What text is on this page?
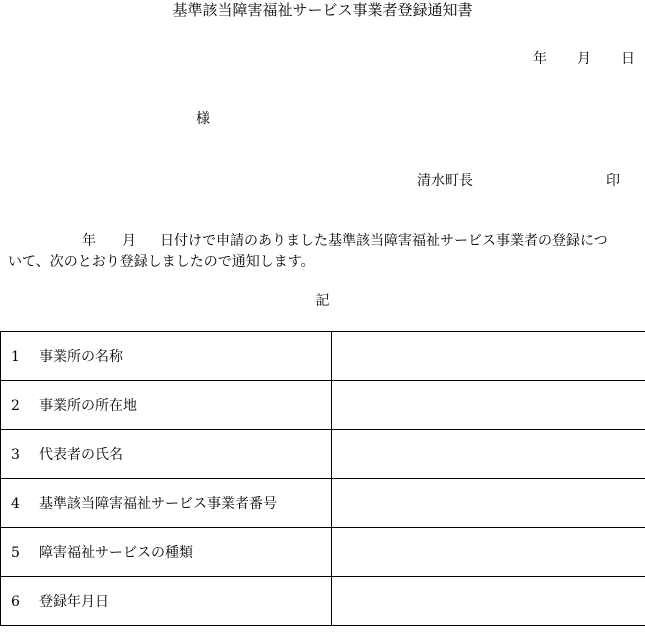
基準該当障害福祉サービス事業者登録通知書
年 月 日
様
清水町長	印
年 月 日付けで申請のありました基準該当障害福祉サービス事業者の登録につ
いて、次のとおり登録しましたので通知します。
記
1 事業所の名称	
2 事業所の所在地	
3 代表者の氏名	
4 基準該当障害福祉サービス事業者番号	
5 障害福祉サービスの種類	
6 登録年月日	
